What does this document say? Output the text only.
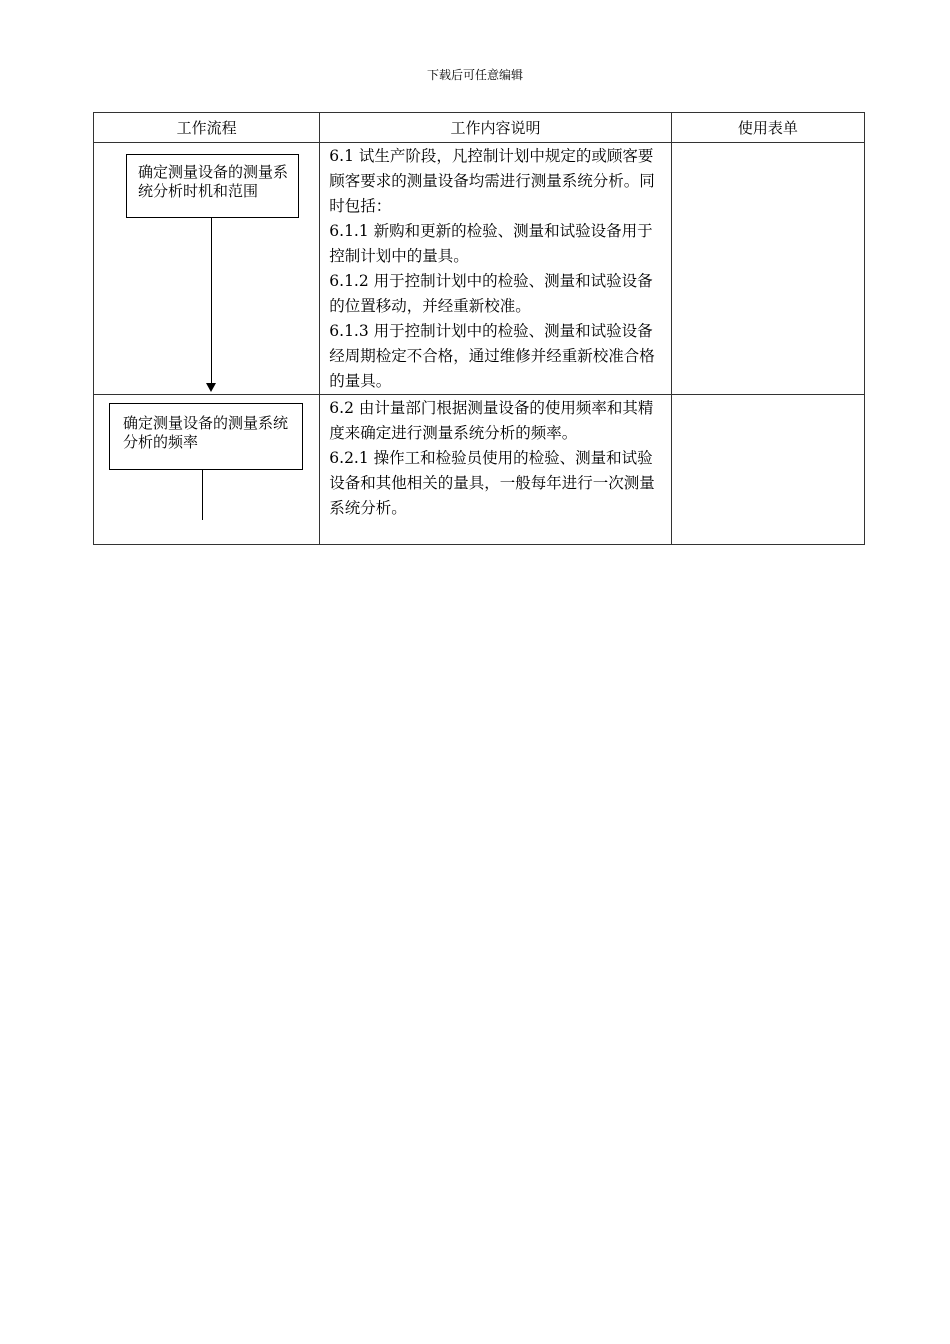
下载后可任意编辑
工作流程	工作内容说明	使用表单

确定测量设备的测量系统分析时机和范围	6.1 试生产阶段，凡控制计划中规定的或顾客要顾客要求的测量设备均需进行测量系统分析。同时包括：

6.1.1 新购和更新的检验、测量和试验设备用于控制计划中的量具。

6.1.2 用于控制计划中的检验、测量和试验设备的位置移动，并经重新校准。

6.1.3 用于控制计划中的检验、测量和试验设备经周期检定不合格，通过维修并经重新校准合格的量具。	

确定测量设备的测量系统分析的频率	6.2 由计量部门根据测量设备的使用频率和其精度来确定进行测量系统分析的频率。

6.2.1 操作工和检验员使用的检验、测量和试验设备和其他相关的量具，一般每年进行一次测量系统分析。	
